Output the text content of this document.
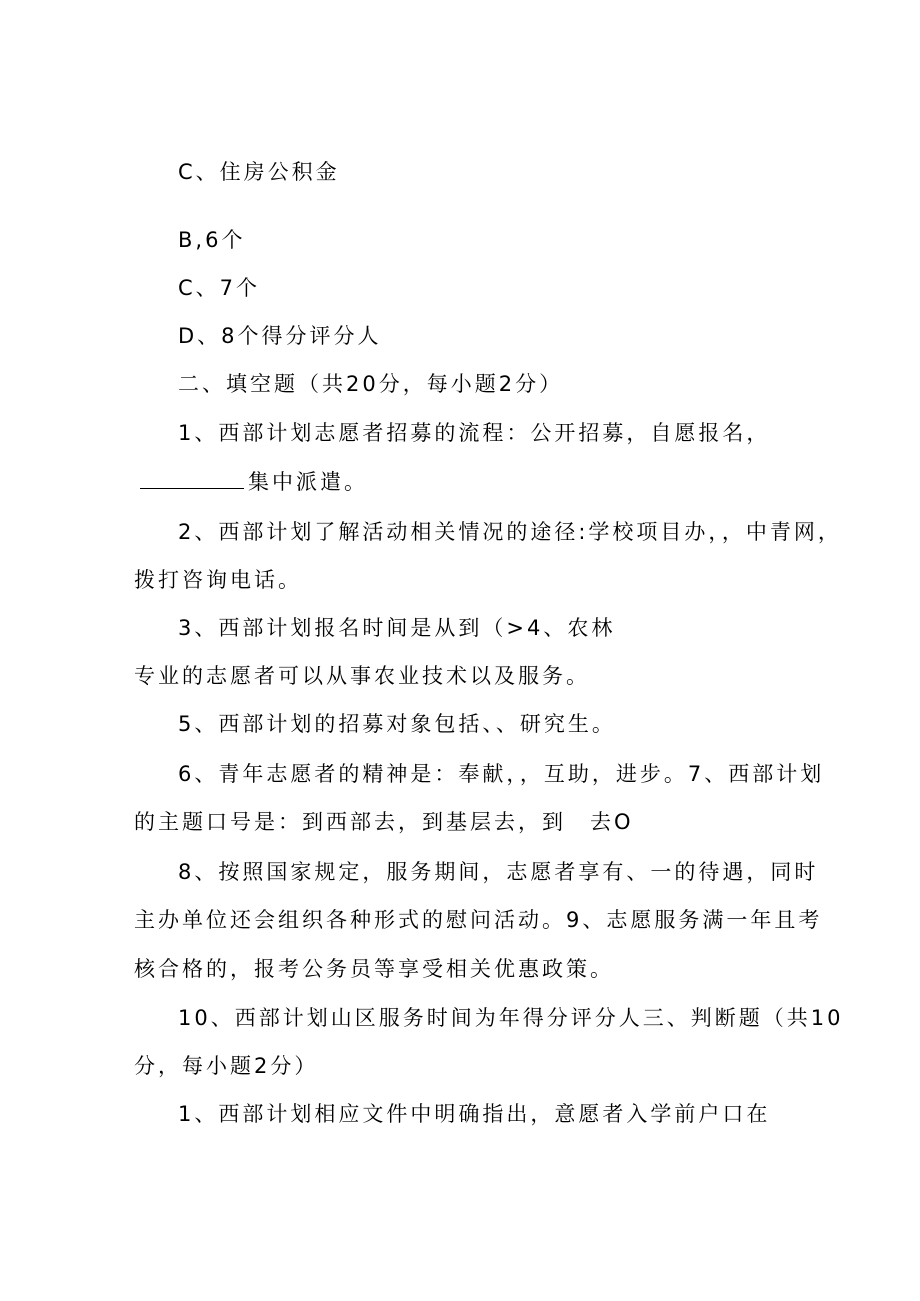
C、住房公积金

B,6个

C、7个

D、8个得分评分人

二、填空题（共20分，每小题2分）

1、西部计划志愿者招募的流程：公开招募，自愿报名，

集中派遣。

2、西部计划了解活动相关情况的途径:学校项目办，，中青网，

拨打咨询电话。

3、西部计划报名时间是从到（>4、农林

专业的志愿者可以从事农业技术以及服务。

5、西部计划的招募对象包括、、研究生。

6、青年志愿者的精神是：奉献，，互助，进步。7、西部计划

的主题口号是：到西部去，到基层去，到　去O

8、按照国家规定，服务期间，志愿者享有、一的待遇，同时

主办单位还会组织各种形式的慰问活动。9、志愿服务满一年且考

核合格的，报考公务员等享受相关优惠政策。

10、西部计划山区服务时间为年得分评分人三、判断题（共10

分，每小题2分）

1、西部计划相应文件中明确指出，意愿者入学前户口在
